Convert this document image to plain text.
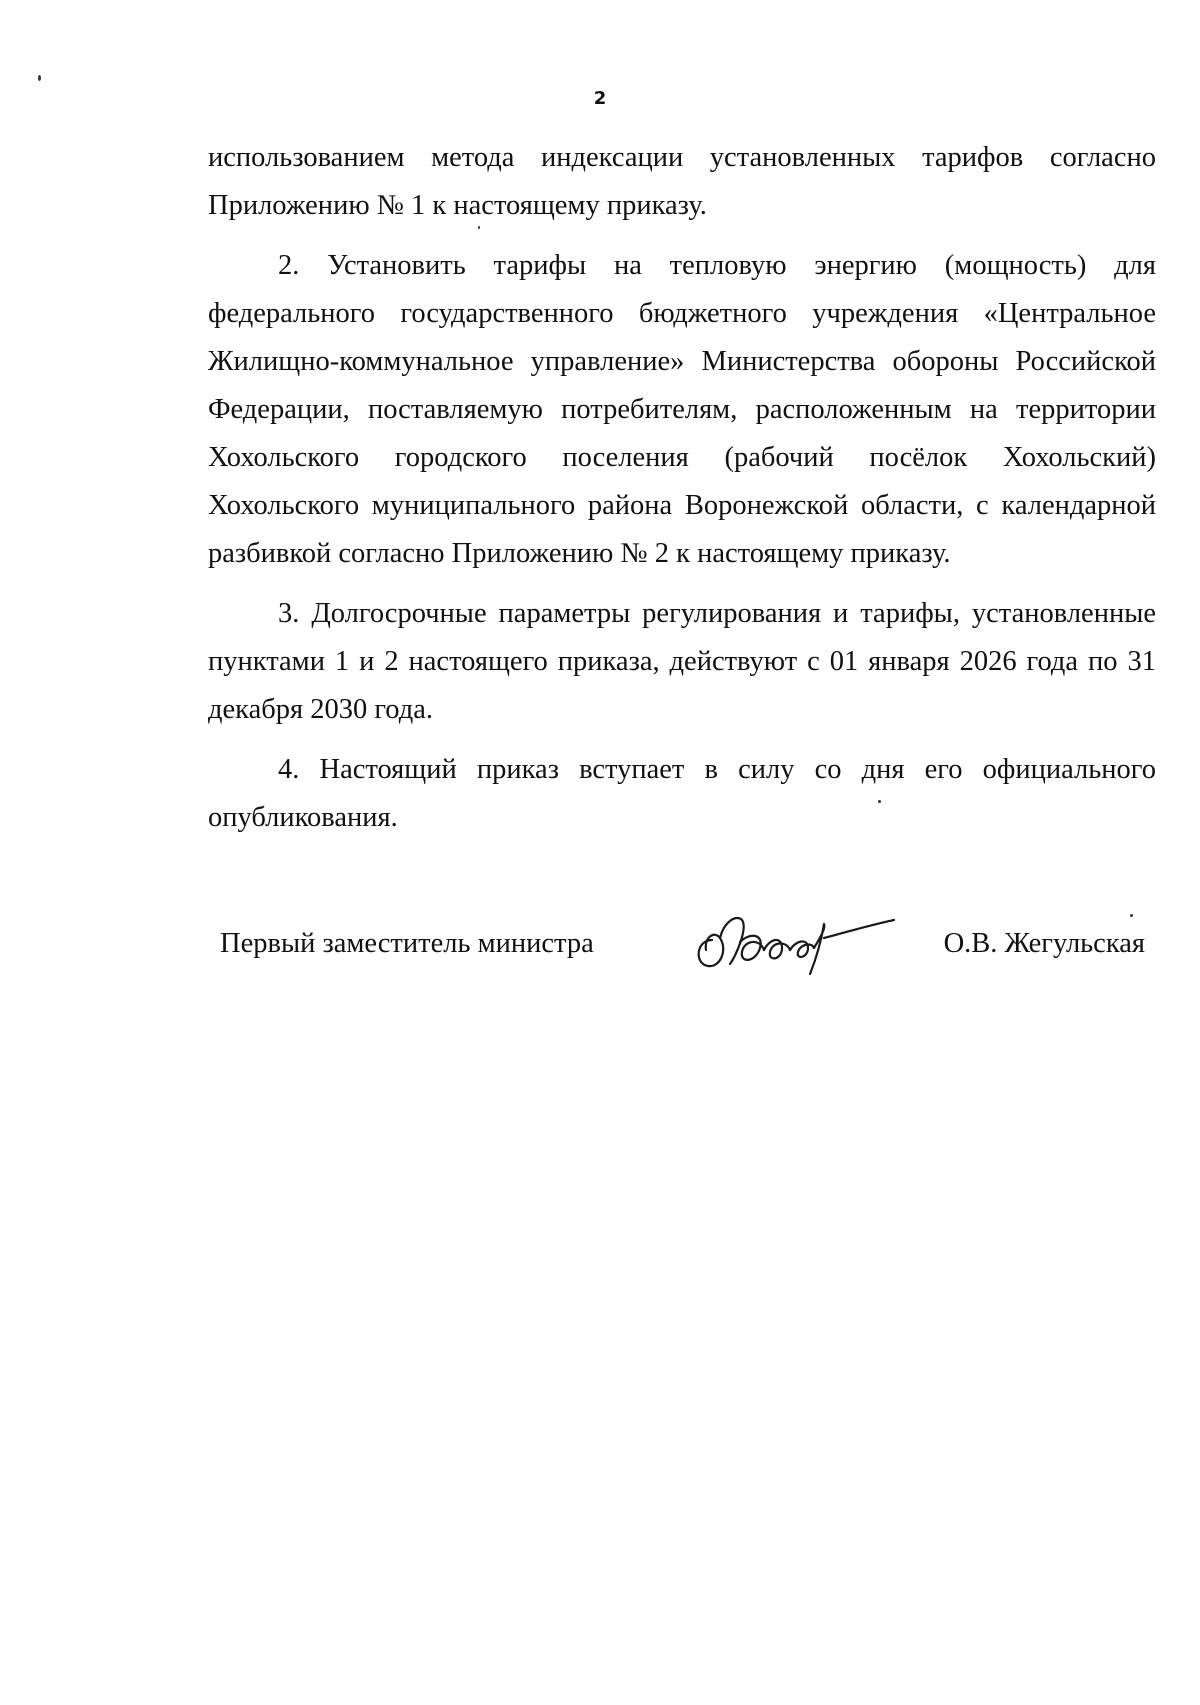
2

использованием метода индексации установленных тарифов согласно Приложению № 1 к настоящему приказу.

2. Установить тарифы на тепловую энергию (мощность) для федерального государственного бюджетного учреждения «Центральное Жилищно-коммунальное управление» Министерства обороны Российской Федерации, поставляемую потребителям, расположенным на территории Хохольского городского поселения (рабочий посёлок Хохольский) Хохольского муниципального района Воронежской области, с календарной разбивкой согласно Приложению № 2 к настоящему приказу.

3. Долгосрочные параметры регулирования и тарифы, установленные пунктами 1 и 2 настоящего приказа, действуют с 01 января 2026 года по 31 декабря 2030 года.

4. Настоящий приказ вступает в силу со дня его официального опубликования.

Первый заместитель министра	О.В. Жегульская
